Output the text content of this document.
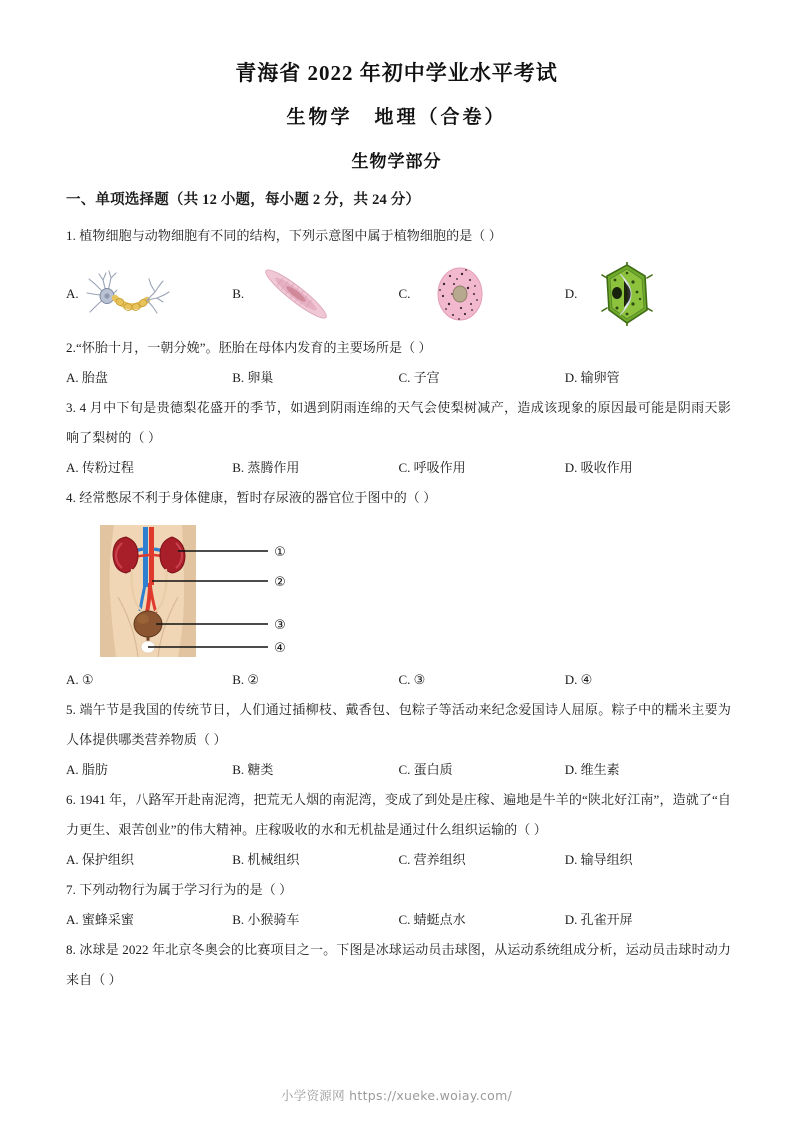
青海省 2022 年初中学业水平考试
生物学　地理（合卷）
生物学部分
一、单项选择题（共 12 小题，每小题 2 分，共 24 分）

1. 植物细胞与动物细胞有不同的结构，下列示意图中属于植物细胞的是（ ）

A.	B.	C.	D.

2.“怀胎十月，一朝分娩”。胚胎在母体内发育的主要场所是（ ）

A. 胎盘	B. 卵巢	C. 子宫	D. 输卵管

3. 4 月中下旬是贵德梨花盛开的季节，如遇到阴雨连绵的天气会使梨树减产，造成该现象的原因最可能是阴雨天影响了梨树的（ ）

A. 传粉过程	B. 蒸腾作用	C. 呼吸作用	D. 吸收作用

4. 经常憋尿不利于身体健康，暂时存尿液的器官位于图中的（ ）

①
②
③
④
A. ①	B. ②	C. ③	D. ④

5. 端午节是我国的传统节日，人们通过插柳枝、戴香包、包粽子等活动来纪念爱国诗人屈原。粽子中的糯米主要为人体提供哪类营养物质（ ）

A. 脂肪	B. 糖类	C. 蛋白质	D. 维生素

6. 1941 年，八路军开赴南泥湾，把荒无人烟的南泥湾，变成了到处是庄稼、遍地是牛羊的“陕北好江南”，造就了“自力更生、艰苦创业”的伟大精神。庄稼吸收的水和无机盐是通过什么组织运输的（ ）

A. 保护组织	B. 机械组织	C. 营养组织	D. 输导组织

7. 下列动物行为属于学习行为的是（ ）

A. 蜜蜂采蜜	B. 小猴骑车	C. 蜻蜓点水	D. 孔雀开屏

8. 冰球是 2022 年北京冬奥会的比赛项目之一。下图是冰球运动员击球图，从运动系统组成分析，运动员击球时动力来自（ ）

小学资源网 https://xueke.woiay.com/
